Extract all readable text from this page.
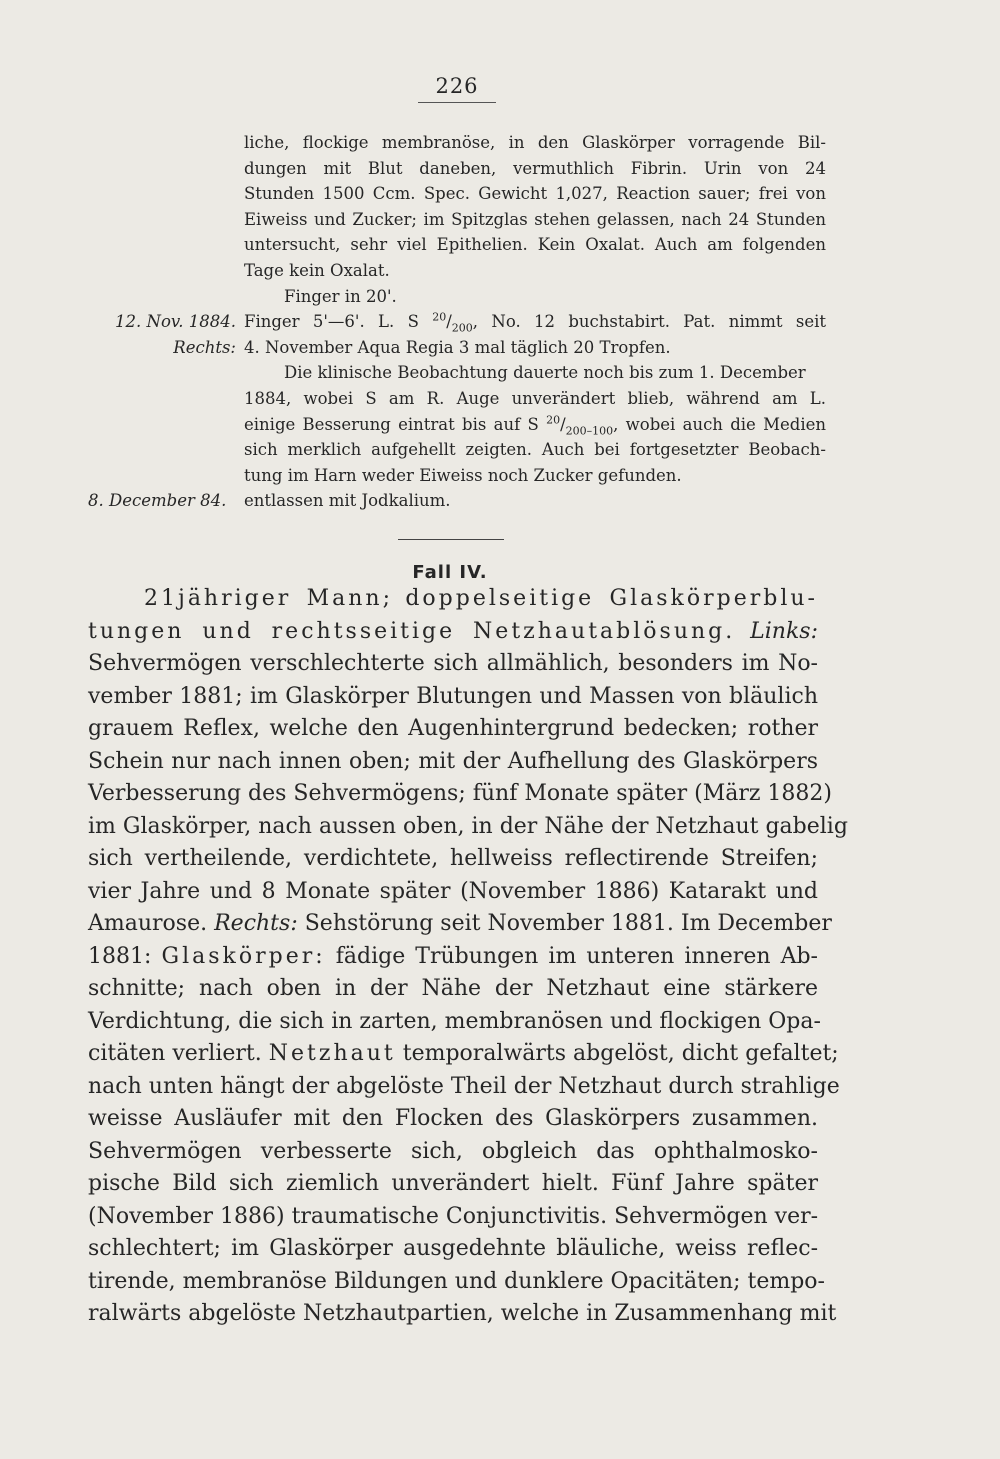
226
liche, flockige membranöse, in den Glaskörper vorragende Bil-
dungen mit Blut daneben, vermuthlich Fibrin. Urin von 24
Stunden 1500 Ccm. Spec. Gewicht 1,027, Reaction sauer; frei von
Eiweiss und Zucker; im Spitzglas stehen gelassen, nach 24 Stunden
untersucht, sehr viel Epithelien. Kein Oxalat. Auch am folgenden
Tage kein Oxalat.
Finger in 20'.
12. Nov. 1884. Finger 5'—6'. L. S $^{20}/_{200}$, No. 12 buchstabirt. Pat. nimmt seit
Rechts: 4. November Aqua Regia 3 mal täglich 20 Tropfen.
Die klinische Beobachtung dauerte noch bis zum 1. December
1884, wobei S am R. Auge unverändert blieb, während am L.
einige Besserung eintrat bis auf S $^{20}/_{200-100}$, wobei auch die Medien
sich merklich aufgehellt zeigten. Auch bei fortgesetzter Beobach-
tung im Harn weder Eiweiss noch Zucker gefunden.
8. December 84.	entlassen mit Jodkalium.
Fall IV.
21jähriger Mann; doppelseitige Glaskörperblu-
tungen und rechtsseitige Netzhautablösung. Links:
Sehvermögen verschlechterte sich allmählich, besonders im No-
vember 1881; im Glaskörper Blutungen und Massen von bläulich
grauem Reflex, welche den Augenhintergrund bedecken; rother
Schein nur nach innen oben; mit der Aufhellung des Glaskörpers
Verbesserung des Sehvermögens; fünf Monate später (März 1882)
im Glaskörper, nach aussen oben, in der Nähe der Netzhaut gabelig
sich vertheilende, verdichtete, hellweiss reflectirende Streifen;
vier Jahre und 8 Monate später (November 1886) Katarakt und
Amaurose. Rechts: Sehstörung seit November 1881. Im December
1881: Glaskörper: fädige Trübungen im unteren inneren Ab-
schnitte; nach oben in der Nähe der Netzhaut eine stärkere
Verdichtung, die sich in zarten, membranösen und flockigen Opa-
citäten verliert. Netzhaut temporalwärts abgelöst, dicht gefaltet;
nach unten hängt der abgelöste Theil der Netzhaut durch strahlige
weisse Ausläufer mit den Flocken des Glaskörpers zusammen.
Sehvermögen verbesserte sich, obgleich das ophthalmosko-
pische Bild sich ziemlich unverändert hielt. Fünf Jahre später
(November 1886) traumatische Conjunctivitis. Sehvermögen ver-
schlechtert; im Glaskörper ausgedehnte bläuliche, weiss reflec-
tirende, membranöse Bildungen und dunklere Opacitäten; tempo-
ralwärts abgelöste Netzhautpartien, welche in Zusammenhang mit
